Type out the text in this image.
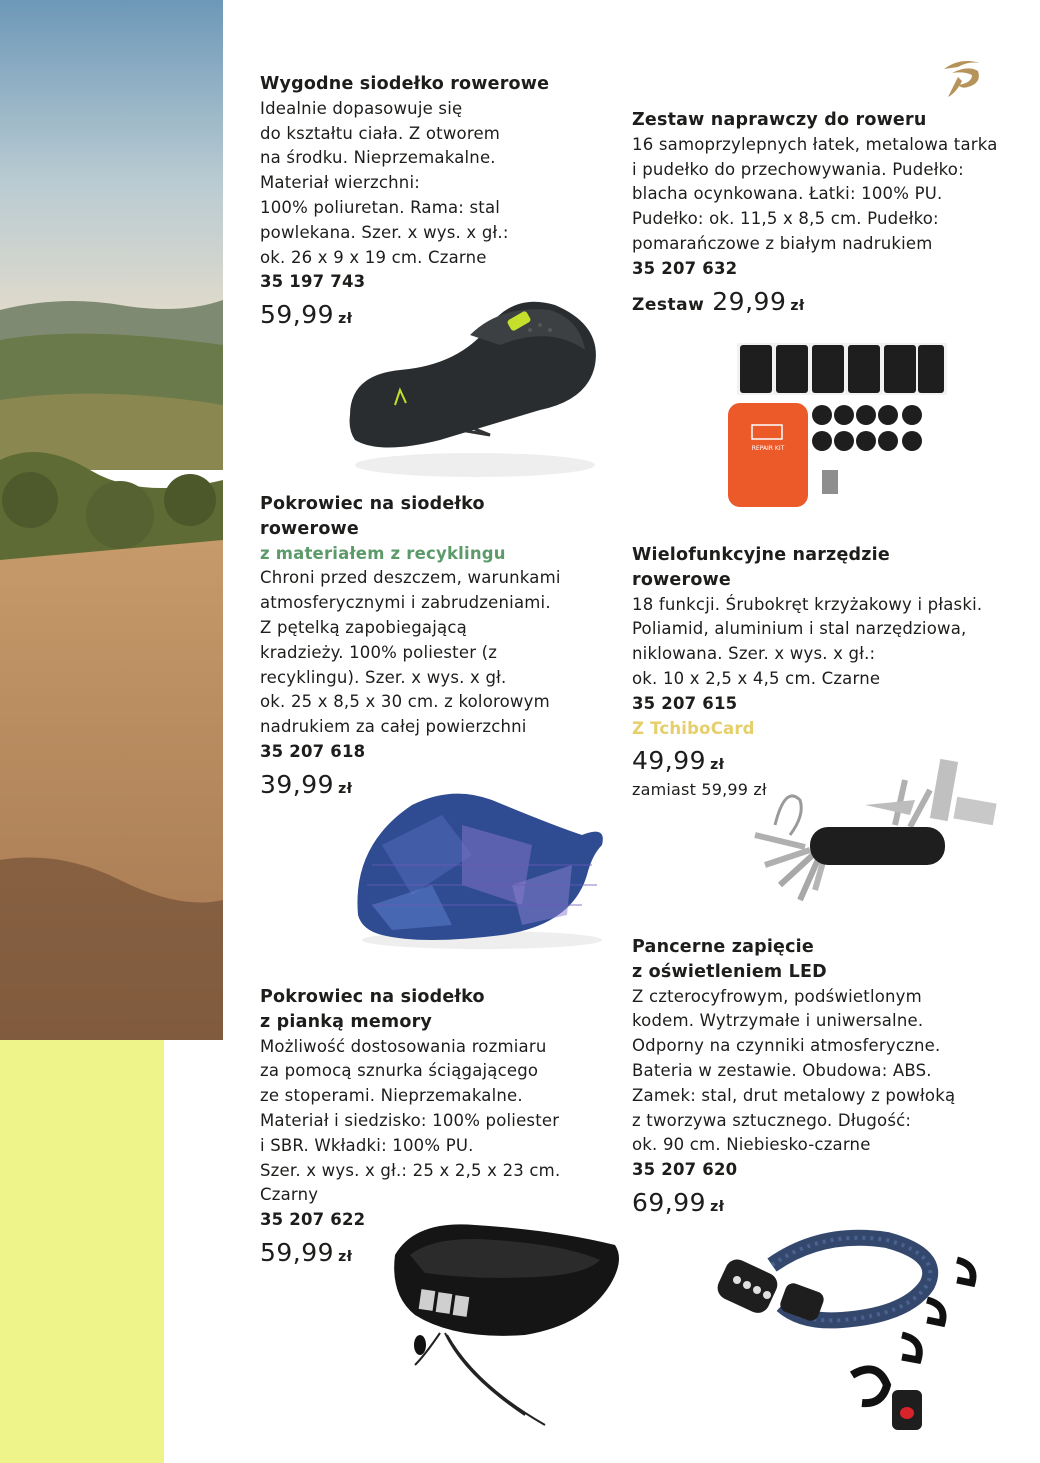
Wygodne siodełko rowerowe
Idealnie dopasowuje się
do kształtu ciała. Z otworem
na środku. Nieprzemakalne.
Materiał wierzchni:
100% poliuretan. Rama: stal
powlekana. Szer. x wys. x gł.:
ok. 26 x 9 x 19 cm. Czarne
35 197 743
59,99 zł
Zestaw naprawczy do roweru
16 samoprzylepnych łatek, metalowa tarka
i pudełko do przechowywania. Pudełko:
blacha ocynkowana. Łatki: 100% PU.
Pudełko: ok. 11,5 x 8,5 cm. Pudełko:
pomarańczowe z białym nadrukiem
35 207 632
Zestaw 29,99 zł
REPAIR KIT
Pokrowiec na siodełko
rowerowe
z materiałem z recyklingu
Chroni przed deszczem, warunkami
atmosferycznymi i zabrudzeniami.
Z pętelką zapobiegającą
kradzieży. 100% poliester (z
recyklingu). Szer. x wys. x gł.
ok. 25 x 8,5 x 30 cm. z kolorowym
nadrukiem za całej powierzchni
35 207 618
39,99 zł
Wielofunkcyjne narzędzie
rowerowe
18 funkcji. Śrubokręt krzyżakowy i płaski.
Poliamid, aluminium i stal narzędziowa,
niklowana. Szer. x wys. x gł.:
ok. 10 x 2,5 x 4,5 cm. Czarne
35 207 615
Z TchiboCard
49,99 zł
zamiast 59,99 zł
Pokrowiec na siodełko
z pianką memory
Możliwość dostosowania rozmiaru
za pomocą sznurka ściągającego
ze stoperami. Nieprzemakalne.
Materiał i siedzisko: 100% poliester
i SBR. Wkładki: 100% PU.
Szer. x wys. x gł.: 25 x 2,5 x 23 cm.
Czarny
35 207 622
59,99 zł
Pancerne zapięcie
z oświetleniem LED
Z czterocyfrowym, podświetlonym
kodem. Wytrzymałe i uniwersalne.
Odporny na czynniki atmosferyczne.
Bateria w zestawie. Obudowa: ABS.
Zamek: stal, drut metalowy z powłoką
z tworzywa sztucznego. Długość:
ok. 90 cm. Niebiesko-czarne
35 207 620
69,99 zł
